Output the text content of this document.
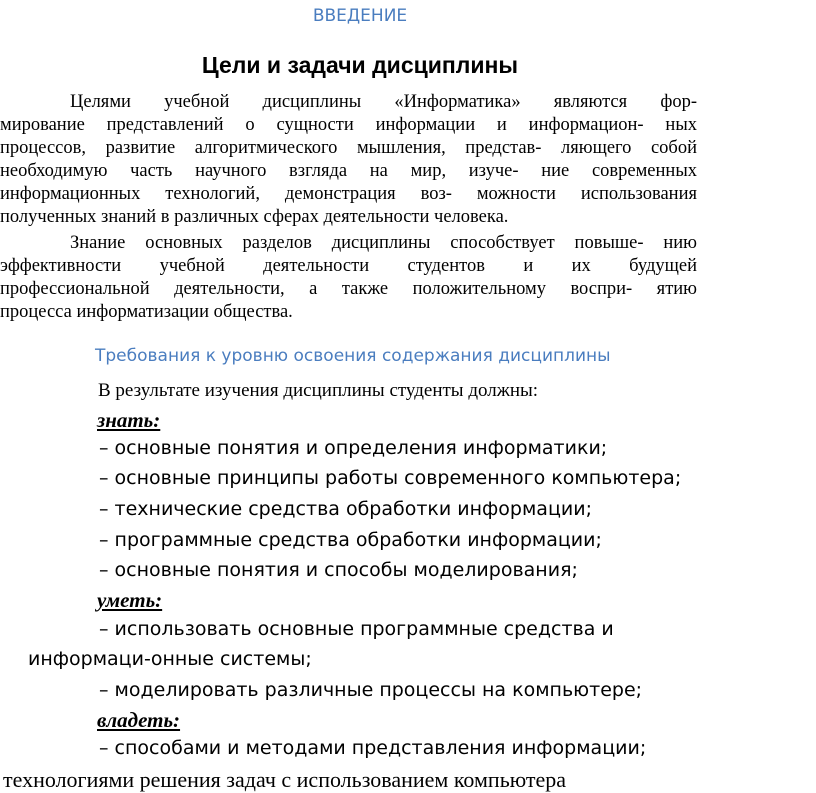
ВВЕДЕНИЕ
Цели и задачи дисциплины
Целями учебной дисциплины «Информатика» являются фор-
мирование представлений о сущности информации и информацион- ных
процессов, развитие алгоритмического мышления, представ- ляющего собой
необходимую часть научного взгляда на мир, изуче- ние современных
информационных технологий, демонстрация воз- можности использования
полученных знаний в различных сферах деятельности человека.
Знание основных разделов дисциплины способствует повыше- нию
эффективности учебной деятельности студентов и их будущей
профессиональной деятельности, а также положительному воспри- ятию
процесса информатизации общества.
Требования к уровню освоения содержания дисциплины
В результате изучения дисциплины студенты должны:
знать:
– основные понятия и определения информатики;
– основные принципы работы современного компьютера;
– технические средства обработки информации;
– программные средства обработки информации;
– основные понятия и способы моделирования;
уметь:
– использовать основные программные средства и
информаци-онные системы;
– моделировать различные процессы на компьютере;
владеть:
– способами и методами представления информации;
технологиями решения задач с использованием компьютера
